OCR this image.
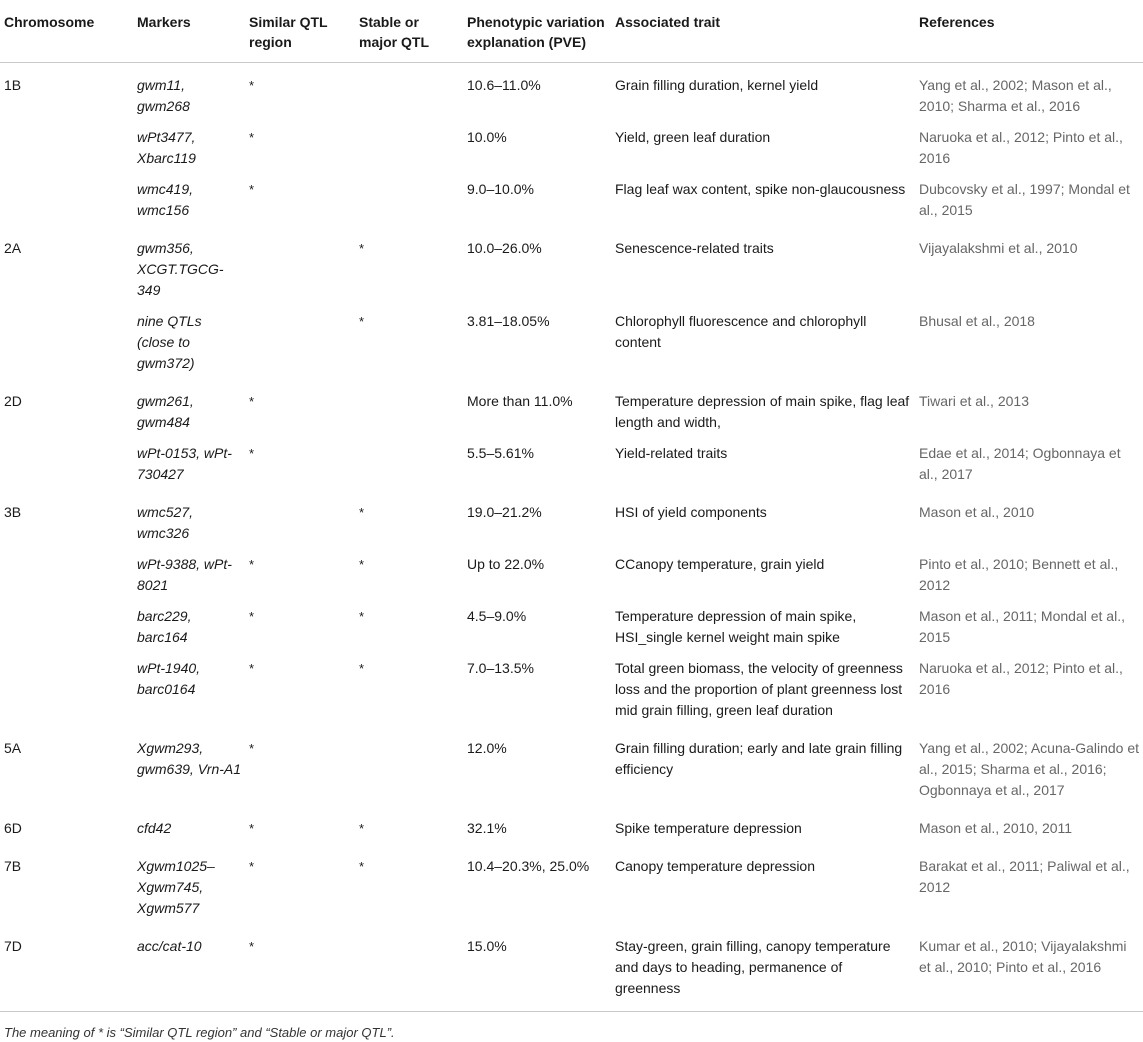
Chromosome	Markers	Similar QTL region	Stable or major QTL	Phenotypic variation explanation (PVE)	Associated trait	References
1B	gwm11, gwm268	*		10.6–11.0%	Grain filling duration, kernel yield	Yang et al., 2002; Mason et al., 2010; Sharma et al., 2016
	wPt3477, Xbarc119	*		10.0%	Yield, green leaf duration	Naruoka et al., 2012; Pinto et al., 2016
	wmc419, wmc156	*		9.0–10.0%	Flag leaf wax content, spike non-glaucousness	Dubcovsky et al., 1997; Mondal et al., 2015
2A	gwm356, XCGT.TGCG-349		*	10.0–26.0%	Senescence-related traits	Vijayalakshmi et al., 2010
	nine QTLs (close to gwm372)		*	3.81–18.05%	Chlorophyll fluorescence and chlorophyll content	Bhusal et al., 2018
2D	gwm261, gwm484	*		More than 11.0%	Temperature depression of main spike, flag leaf length and width,	Tiwari et al., 2013
	wPt-0153, wPt-730427	*		5.5–5.61%	Yield-related traits	Edae et al., 2014; Ogbonnaya et al., 2017
3B	wmc527, wmc326		*	19.0–21.2%	HSI of yield components	Mason et al., 2010
	wPt-9388, wPt-8021	*	*	Up to 22.0%	CCanopy temperature, grain yield	Pinto et al., 2010; Bennett et al., 2012
	barc229, barc164	*	*	4.5–9.0%	Temperature depression of main spike, HSI_single kernel weight main spike	Mason et al., 2011; Mondal et al., 2015
	wPt-1940, barc0164	*	*	7.0–13.5%	Total green biomass, the velocity of greenness loss and the proportion of plant greenness lost mid grain filling, green leaf duration	Naruoka et al., 2012; Pinto et al., 2016
5A	Xgwm293, gwm639, Vrn-A1	*		12.0%	Grain filling duration; early and late grain filling efficiency	Yang et al., 2002; Acuna-Galindo et al., 2015; Sharma et al., 2016; Ogbonnaya et al., 2017
6D	cfd42	*	*	32.1%	Spike temperature depression	Mason et al., 2010, 2011
7B	Xgwm1025–Xgwm745, Xgwm577	*	*	10.4–20.3%, 25.0%	Canopy temperature depression	Barakat et al., 2011; Paliwal et al., 2012
7D	acc/cat-10	*		15.0%	Stay-green, grain filling, canopy temperature and days to heading, permanence of greenness	Kumar et al., 2010; Vijayalakshmi et al., 2010; Pinto et al., 2016
The meaning of * is “Similar QTL region” and “Stable or major QTL”.
